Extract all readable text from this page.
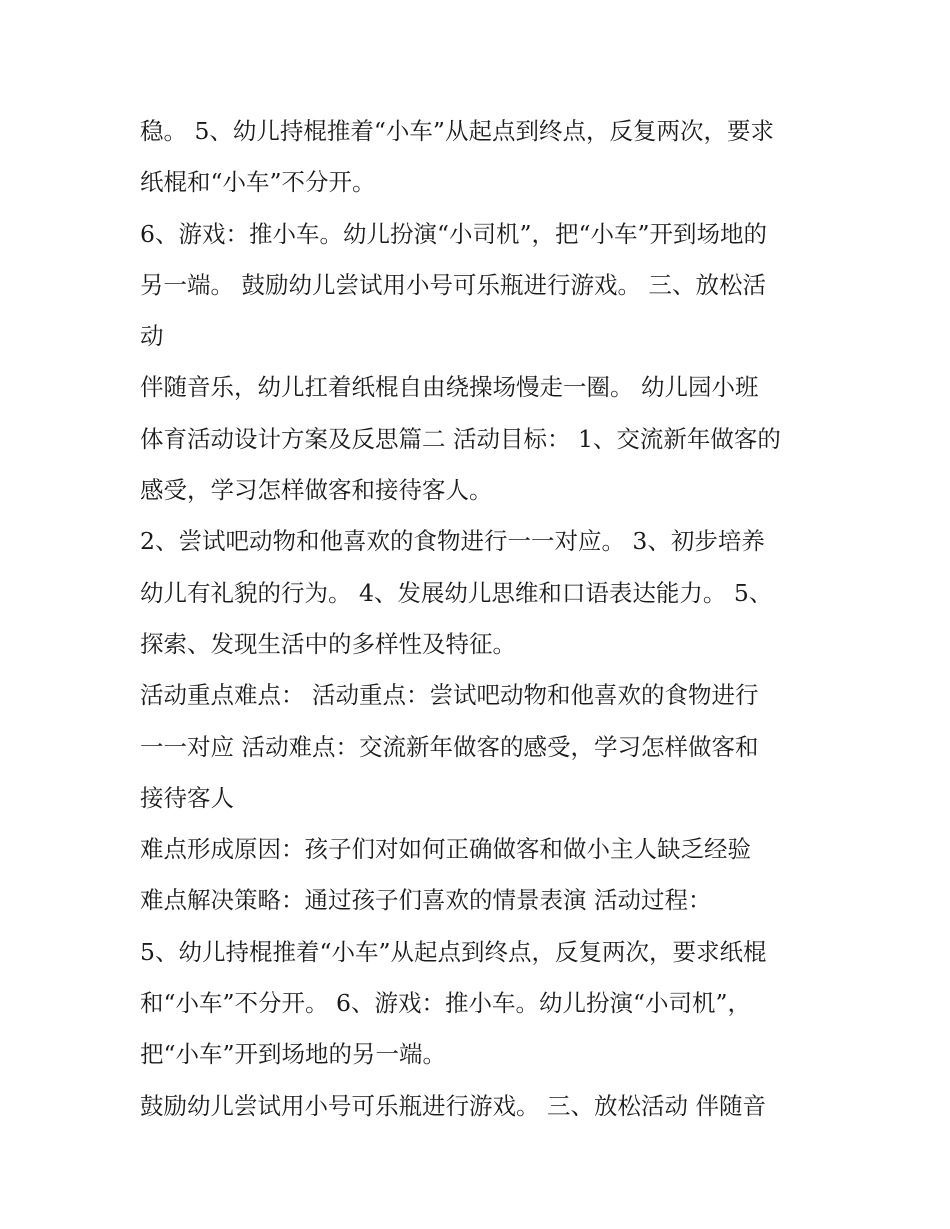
稳。 5、幼儿持棍推着“小车”从起点到终点，反复两次，要求
纸棍和“小车”不分开。
6、游戏：推小车。幼儿扮演“小司机”，把“小车”开到场地的
另一端。 鼓励幼儿尝试用小号可乐瓶进行游戏。 三、放松活
动
伴随音乐，幼儿扛着纸棍自由绕操场慢走一圈。 幼儿园小班
体育活动设计方案及反思篇二 活动目标： 1、交流新年做客的
感受，学习怎样做客和接待客人。
2、尝试吧动物和他喜欢的食物进行一一对应。 3、初步培养
幼儿有礼貌的行为。 4、发展幼儿思维和口语表达能力。 5、
探索、发现生活中的多样性及特征。
活动重点难点： 活动重点：尝试吧动物和他喜欢的食物进行
一一对应 活动难点：交流新年做客的感受，学习怎样做客和
接待客人
难点形成原因：孩子们对如何正确做客和做小主人缺乏经验
难点解决策略：通过孩子们喜欢的情景表演 活动过程：
5、幼儿持棍推着“小车”从起点到终点，反复两次，要求纸棍
和“小车”不分开。 6、游戏：推小车。幼儿扮演“小司机”，
把“小车”开到场地的另一端。
鼓励幼儿尝试用小号可乐瓶进行游戏。 三、放松活动 伴随音
